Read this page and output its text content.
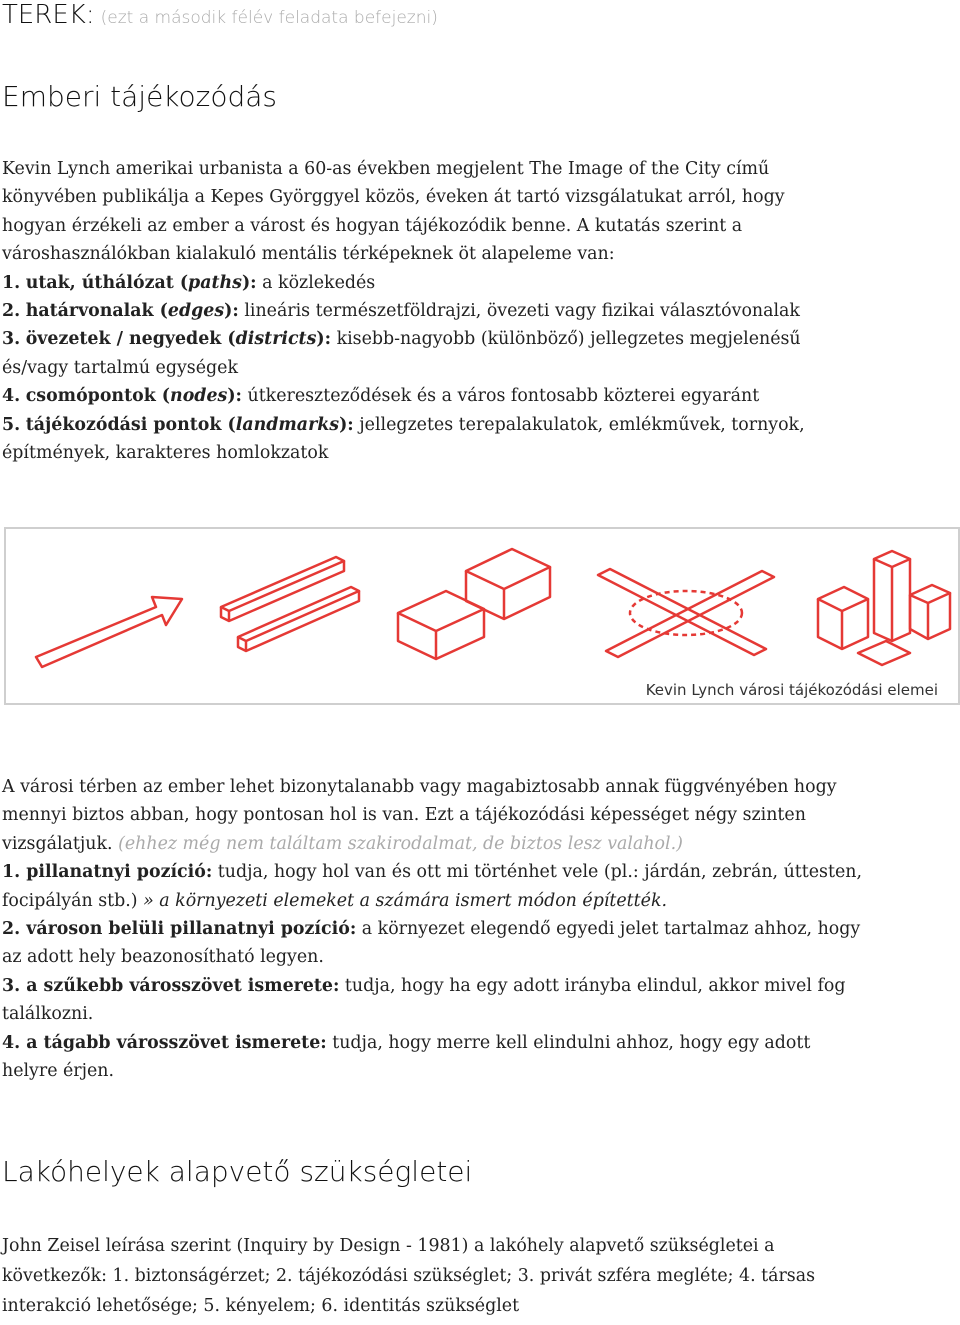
TEREK: (ezt a második félév feladata befejezni)
Emberi tájékozódás
Kevin Lynch amerikai urbanista a 60-as években megjelent The Image of the City című
könyvében publikálja a Kepes Györggyel közös, éveken át tartó vizsgálatukat arról, hogy
hogyan érzékeli az ember a várost és hogyan tájékozódik benne. A kutatás szerint a
városhasználókban kialakuló mentális térképeknek öt alapeleme van:
1. utak, úthálózat (paths): a közlekedés
2. határvonalak (edges): lineáris természetföldrajzi, övezeti vagy fizikai választóvonalak
3. övezetek / negyedek (districts): kisebb-nagyobb (különböző) jellegzetes megjelenésű
és/vagy tartalmú egységek
4. csomópontok (nodes): útkereszteződések és a város fontosabb közterei egyaránt
5. tájékozódási pontok (landmarks): jellegzetes terepalakulatok, emlékművek, tornyok,
építmények, karakteres homlokzatok
Kevin Lynch városi tájékozódási elemei
A városi térben az ember lehet bizonytalanabb vagy magabiztosabb annak függvényében hogy
mennyi biztos abban, hogy pontosan hol is van. Ezt a tájékozódási képességet négy szinten
vizsgálatjuk. (ehhez még nem találtam szakirodalmat, de biztos lesz valahol.)
1. pillanatnyi pozíció: tudja, hogy hol van és ott mi történhet vele (pl.: járdán, zebrán, úttesten,
focipályán stb.) » a környezeti elemeket a számára ismert módon építették.
2. városon belüli pillanatnyi pozíció: a környezet elegendő egyedi jelet tartalmaz ahhoz, hogy
az adott hely beazonosítható legyen.
3. a szűkebb városszövet ismerete: tudja, hogy ha egy adott irányba elindul, akkor mivel fog
találkozni.
4. a tágabb városszövet ismerete: tudja, hogy merre kell elindulni ahhoz, hogy egy adott
helyre érjen.
Lakóhelyek alapvető szükségletei
John Zeisel leírása szerint (Inquiry by Design - 1981) a lakóhely alapvető szükségletei a
következők: 1. biztonságérzet; 2. tájékozódási szükséglet; 3. privát szféra megléte; 4. társas
interakció lehetősége; 5. kényelem; 6. identitás szükséglet
